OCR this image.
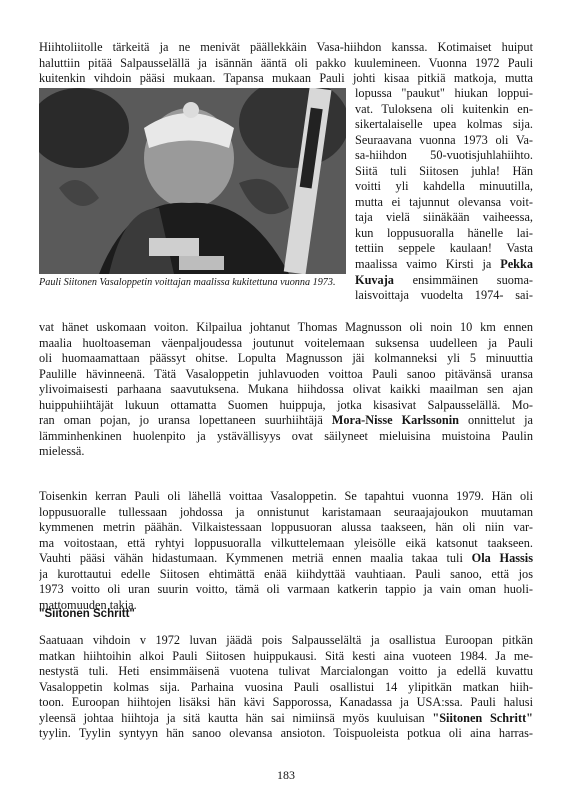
Hiihtoliitolle tärkeitä ja ne menivät päällekkäin Vasa-hiihdon kanssa. Kotimaiset huiput
haluttiin pitää Salpausselällä ja isännän ääntä oli pakko kuulemineen. Vuonna 1972 Pauli
kuitenkin vihdoin pääsi mukaan. Tapansa mukaan Pauli johti kisaa pitkiä matkoja, mutta
lopussa "paukut" hiukan loppui-
vat. Tuloksena oli kuitenkin en-
sikertalaiselle upea kolmas sija.
Seuraavana vuonna 1973 oli Va-
sa-hiihdon 50-vuotisjuhlahiihto.
Siitä tuli Siitosen juhla! Hän
voitti yli kahdella minuutilla,
mutta ei tajunnut olevansa voit-
taja vielä siinäkään vaiheessa,
kun loppusuoralla hänelle lai-
tettiin seppele kaulaan! Vasta
maalissa vaimo Kirsti ja Pekka
Kuvaja ensimmäinen suoma-
laisvoittaja vuodelta 1974- sai-
Pauli Siitonen Vasaloppetin voittajan maalissa kukitettuna vuonna 1973.
vat hänet uskomaan voiton. Kilpailua johtanut Thomas Magnusson oli noin 10 km ennen
maalia huoltoaseman väenpaljoudessa joutunut voitelemaan suksensa uudelleen ja Pauli
oli huomaamattaan päässyt ohitse. Lopulta Magnusson jäi kolmanneksi yli 5 minuuttia
Paulille hävinneenä. Tätä Vasaloppetin juhlavuoden voittoa Pauli sanoo pitävänsä uransa
ylivoimaisesti parhaana saavutuksena. Mukana hiihdossa olivat kaikki maailman sen ajan
huippuhiihtäjät lukuun ottamatta Suomen huippuja, jotka kisasivat Salpausselällä. Mo-
ran oman pojan, jo uransa lopettaneen suurhiihtäjä Mora-Nisse Karlssonin onnittelut ja
lämminhenkinen huolenpito ja ystävällisyys ovat säilyneet mieluisina muistoina Paulin
mielessä.
Toisenkin kerran Pauli oli lähellä voittaa Vasaloppetin. Se tapahtui vuonna 1979. Hän oli
loppusuoralle tullessaan johdossa ja onnistunut karistamaan seuraajajoukon muutaman
kymmenen metrin päähän. Vilkaistessaan loppusuoran alussa taakseen, hän oli niin var-
ma voitostaan, että ryhtyi loppusuoralla vilkuttelemaan yleisölle eikä katsonut taakseen.
Vauhti pääsi vähän hidastumaan. Kymmenen metriä ennen maalia takaa tuli Ola Hassis
ja kurottautui edelle Siitosen ehtimättä enää kiihdyttää vauhtiaan. Pauli sanoo, että jos
1973 voitto oli uran suurin voitto, tämä oli varmaan katkerin tappio ja vain oman huoli-
mattomuuden takia.
"Siitonen Schritt"
Saatuaan vihdoin v 1972 luvan jäädä pois Salpausselältä ja osallistua Euroopan pitkän
matkan hiihtoihin alkoi Pauli Siitosen huippukausi. Sitä kesti aina vuoteen 1984. Ja me-
nestystä tuli. Heti ensimmäisenä vuotena tulivat Marcialongan voitto ja edellä kuvattu
Vasaloppetin kolmas sija. Parhaina vuosina Pauli osallistui 14 ylipitkän matkan hiih-
toon. Euroopan hiihtojen lisäksi hän kävi Sapporossa, Kanadassa ja USA:ssa. Pauli halusi
yleensä johtaa hiihtoja ja sitä kautta hän sai nimiinsä myös kuuluisan "Siitonen Schritt"
tyylin. Tyylin syntyyn hän sanoo olevansa ansioton. Toispuoleista potkua oli aina harras-
183
